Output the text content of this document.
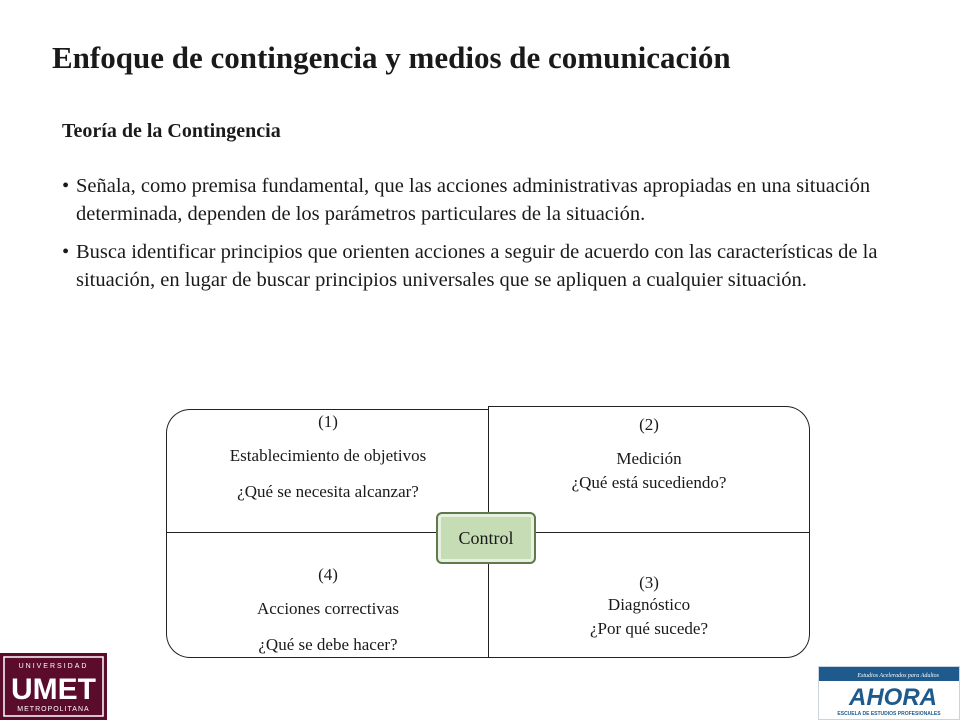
Enfoque de contingencia y medios de comunicación
Teoría de la Contingencia
• Señala, como premisa fundamental, que las acciones administrativas apropiadas en una situación determinada, dependen de los parámetros particulares de la situación.
• Busca identificar principios que orienten acciones a seguir de acuerdo con las características de la situación, en lugar de buscar principios universales que se apliquen a cualquier situación.
(1)
Establecimiento de objetivos
¿Qué se necesita alcanzar?
(2)
Medición
¿Qué está sucediendo?
(4)
Acciones correctivas
¿Qué se debe hacer?
(3)
Diagnóstico
¿Por qué sucede?
Control
UNIVERSIDAD
UMET
METROPOLITANA
Estudios Acelerados para Adultos
AHORA
ESCUELA DE ESTUDIOS PROFESIONALES
